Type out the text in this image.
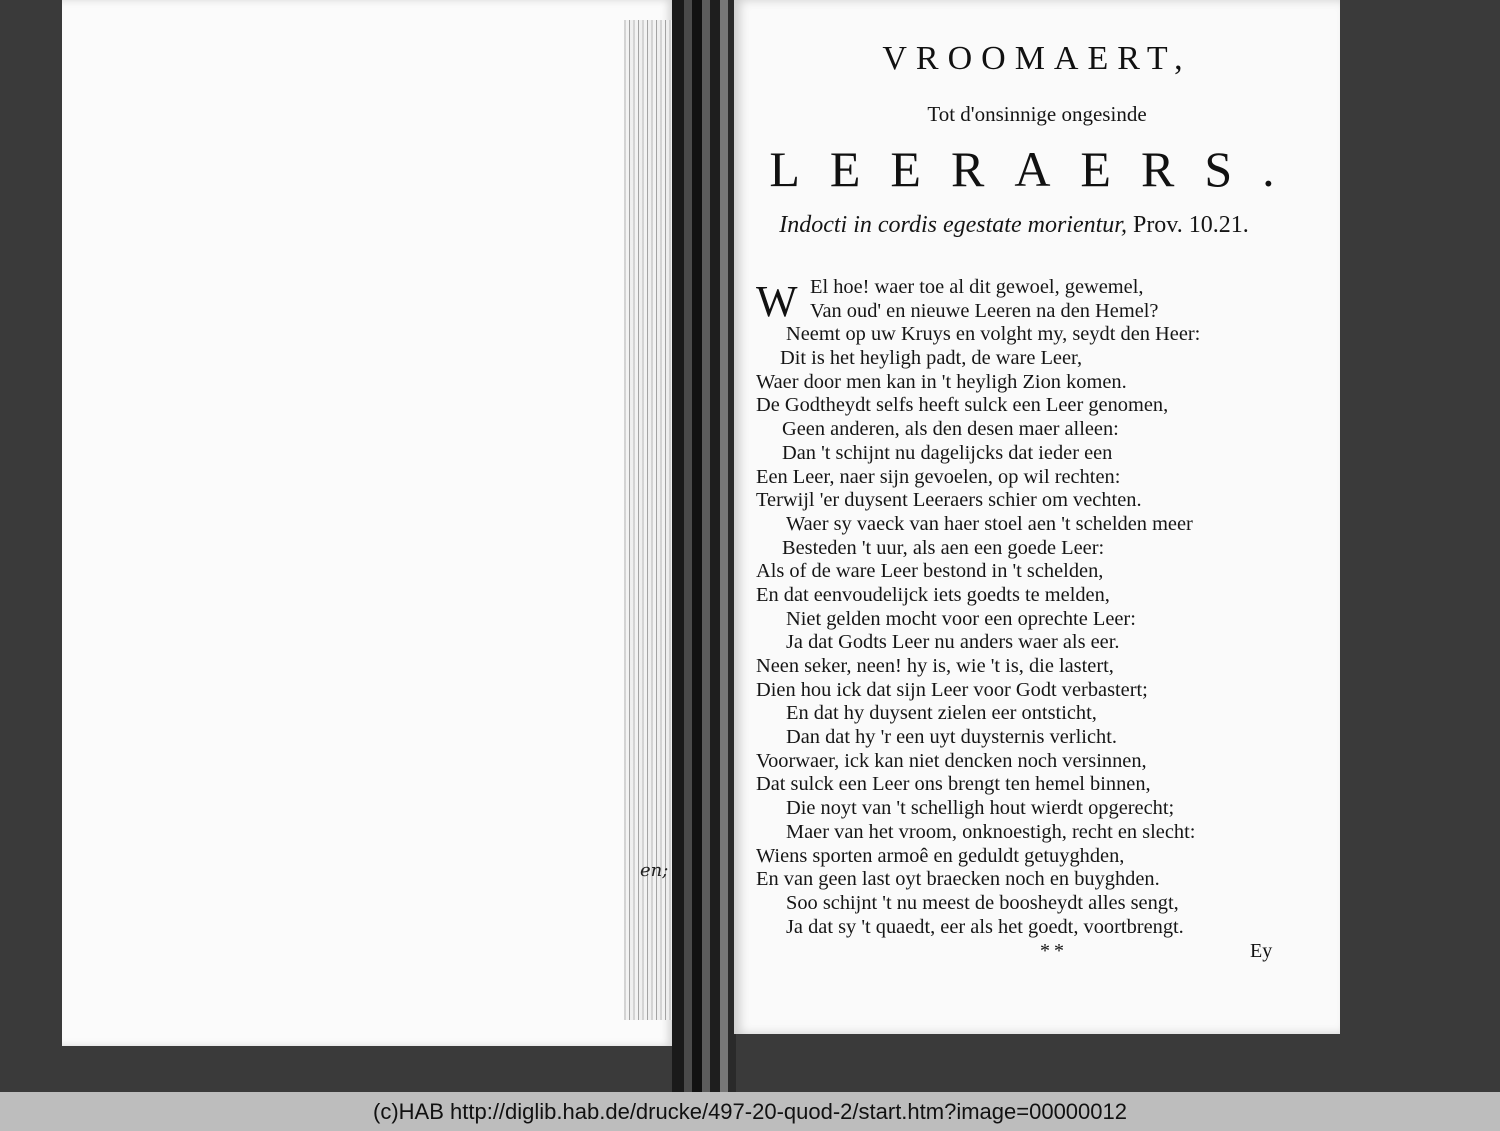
en;
VROOMAERT,
Tot d'onsinnige ongesinde
LEERAERS.
Indocti in cordis egestate morientur, Prov. 10.21.
W El hoe! waer toe al dit gewoel, gewemel,
Van oud' en nieuwe Leeren na den Hemel?
Neemt op uw Kruys en volght my, seydt den Heer:
Dit is het heyligh padt, de ware Leer,
Waer door men kan in 't heyligh Zion komen.
De Godtheydt selfs heeft sulck een Leer genomen,
Geen anderen, als den desen maer alleen:
Dan 't schijnt nu dagelijcks dat ieder een
Een Leer, naer sijn gevoelen, op wil rechten:
Terwijl 'er duysent Leeraers schier om vechten.
Waer sy vaeck van haer stoel aen 't schelden meer
Besteden 't uur, als aen een goede Leer:
Als of de ware Leer bestond in 't schelden,
En dat eenvoudelijck iets goedts te melden,
Niet gelden mocht voor een oprechte Leer:
Ja dat Godts Leer nu anders waer als eer.
Neen seker, neen! hy is, wie 't is, die lastert,
Dien hou ick dat sijn Leer voor Godt verbastert;
En dat hy duysent zielen eer ontsticht,
Dan dat hy 'r een uyt duysternis verlicht.
Voorwaer, ick kan niet dencken noch versinnen,
Dat sulck een Leer ons brengt ten hemel binnen,
Die noyt van 't schelligh hout wierdt opgerecht;
Maer van het vroom, onknoestigh, recht en slecht:
Wiens sporten armoê en geduldt getuyghden,
En van geen last oyt braecken noch en buyghden.
Soo schijnt 't nu meest de boosheydt alles sengt,
Ja dat sy 't quaedt, eer als het goedt, voortbrengt.
**	Ey
(c)HAB http://diglib.hab.de/drucke/497-20-quod-2/start.htm?image=00000012
